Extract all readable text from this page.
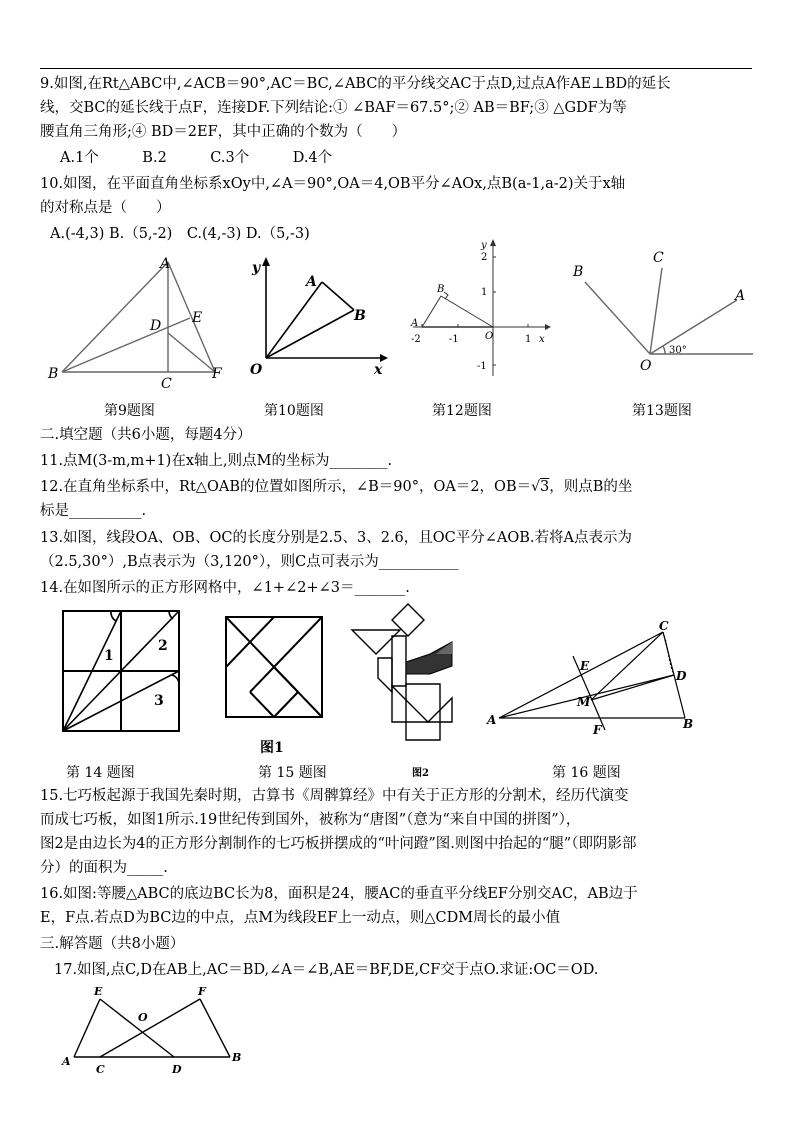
9.如图,在Rt△ABC中,∠ACB＝90°,AC＝BC,∠ABC的平分线交AC于点D,过点A作AE⊥BD的延长
线，交BC的延长线于点F，连接DF.下列结论:① ∠BAF＝67.5°;② AB＝BF;③ △GDF为等
腰直角三角形;④ BD＝2EF，其中正确的个数为（　　）
A.1个　　　B.2　　　C.3个　　　D.4个
10.如图，在平面直角坐标系xOy中,∠A＝90°,OA＝4,OB平分∠AOx,点B(a-1,a-2)关于x轴
的对称点是（　　）
A.(-4,3) B.（5,-2)　C.(4,-3) D.（5,-3)
A
B
C
D E
F
第9题图
y
x
O
A
B
第10题图
y
x
O
A
B
2
1
-1
-2	-1	1
第12题图
B
C
A
O
30°
第13题图
二.填空题（共6小题，每题4分）
11.点M(3-m,m+1)在x轴上,则点M的坐标为________.
12.在直角坐标系中，Rt△OAB的位置如图所示，∠B＝90°，OA＝2，OB＝√3，则点B的坐
标是__________.
13.如图，线段OA、OB、OC的长度分别是2.5、3、2.6，且OC平分∠AOB.若将A点表示为
（2.5,30°）,B点表示为（3,120°），则C点可表示为___________
14.在如图所示的正方形网格中，∠1+∠2+∠3＝_______.
1
2
3
第 14 题图
图1
第 15 题图	图2
A	B
C
D
E
F
M
第 16 题图
15.七巧板起源于我国先秦时期，古算书《周髀算经》中有关于正方形的分割术，经历代演变
而成七巧板，如图1所示.19世纪传到国外，被称为“唐图”（意为“来自中国的拼图”），
图2是由边长为4的正方形分割制作的七巧板拼摆成的“叶问蹬”图.则图中抬起的“腿”（即阴影部
分）的面积为_____.
16.如图:等腰△ABC的底边BC长为8，面积是24，腰AC的垂直平分线EF分别交AC，AB边于
E，F点.若点D为BC边的中点，点M为线段EF上一动点，则△CDM周长的最小值
三.解答题（共8小题）
17.如图,点C,D在AB上,AC＝BD,∠A＝∠B,AE＝BF,DE,CF交于点O.求证:OC＝OD.
A	B
C	D
E	F
O
